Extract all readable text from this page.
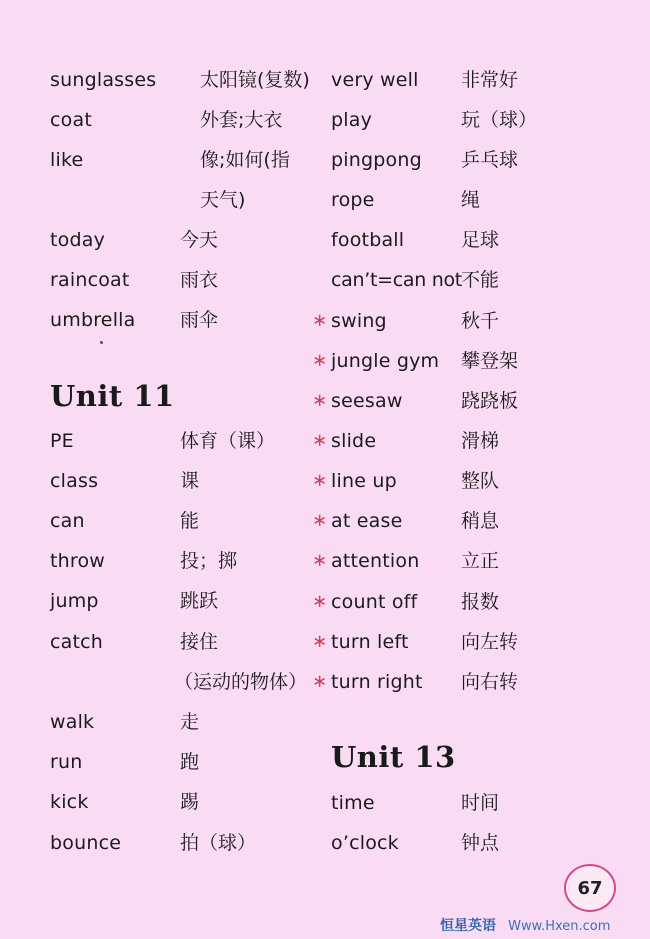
sunglasses 太阳镜(复数)
coat	外套;大衣
like	像;如何(指
天气)
today	今天
raincoat	雨衣
umbrella 雨伞
Unit 11
PE	体育（课）
class	课
can	能
throw	投；掷
jump	跳跃
catch	接住
（运动的物体）
walk	走
run	跑
kick	踢
bounce	拍（球）
very well 非常好
play	玩（球）
pingpong 乒乓球
rope	绳
football	足球
can’t=can not 不能
∗ swing	秋千
∗ jungle gym 攀登架
∗ seesaw	跷跷板
∗ slide	滑梯
∗ line up	整队
∗ at ease	稍息
∗ attention 立正
∗ count off 报数
∗ turn left	向左转
∗ turn right 向右转
Unit 13
time	时间
o’clock	钟点
67
恒星英语 Www.Hxen.com
